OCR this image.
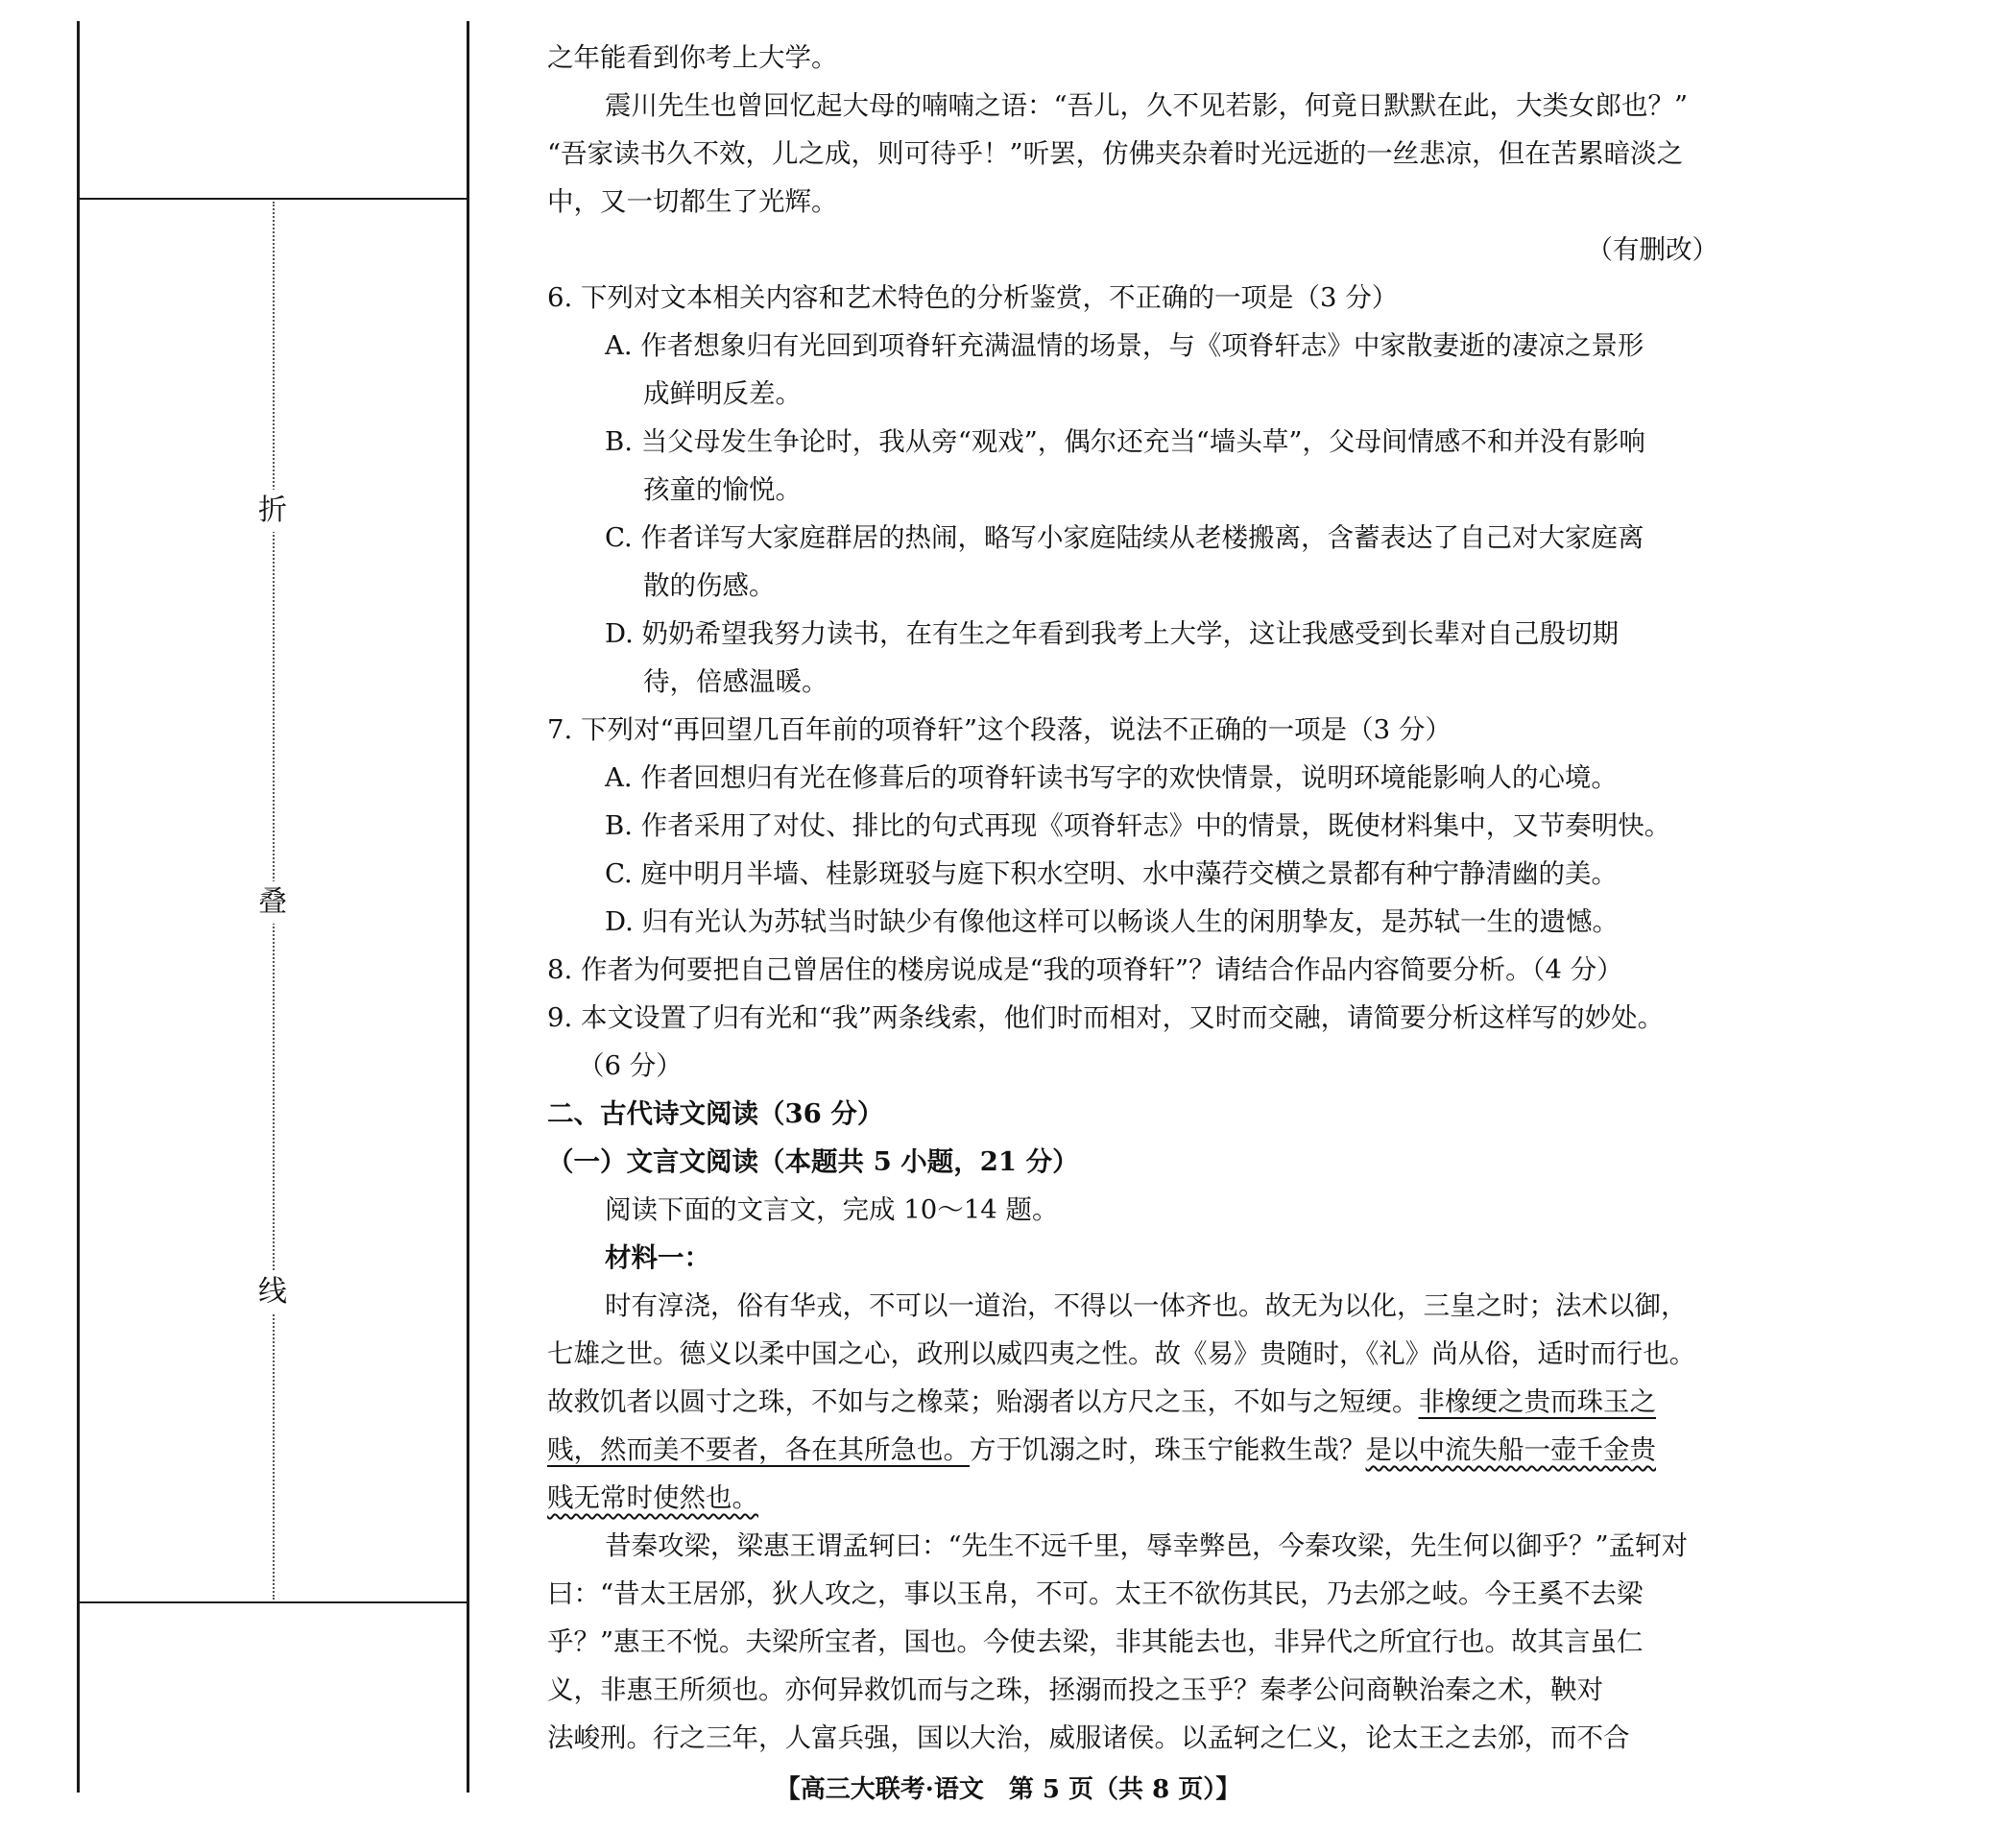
折
叠
线
之年能看到你考上大学。
震川先生也曾回忆起大母的喃喃之语：“吾儿，久不见若影，何竟日默默在此，大类女郎也？”
“吾家读书久不效，儿之成，则可待乎！”听罢，仿佛夹杂着时光远逝的一丝悲凉，但在苦累暗淡之
中，又一切都生了光辉。
（有删改）
6. 下列对文本相关内容和艺术特色的分析鉴赏，不正确的一项是（3 分）
A. 作者想象归有光回到项脊轩充满温情的场景，与《项脊轩志》中家散妻逝的凄凉之景形
成鲜明反差。
B. 当父母发生争论时，我从旁“观戏”，偶尔还充当“墙头草”，父母间情感不和并没有影响
孩童的愉悦。
C. 作者详写大家庭群居的热闹，略写小家庭陆续从老楼搬离，含蓄表达了自己对大家庭离
散的伤感。
D. 奶奶希望我努力读书，在有生之年看到我考上大学，这让我感受到长辈对自己殷切期
待，倍感温暖。
7. 下列对“再回望几百年前的项脊轩”这个段落，说法不正确的一项是（3 分）
A. 作者回想归有光在修葺后的项脊轩读书写字的欢快情景，说明环境能影响人的心境。
B. 作者采用了对仗、排比的句式再现《项脊轩志》中的情景，既使材料集中，又节奏明快。
C. 庭中明月半墙、桂影斑驳与庭下积水空明、水中藻荇交横之景都有种宁静清幽的美。
D. 归有光认为苏轼当时缺少有像他这样可以畅谈人生的闲朋挚友，是苏轼一生的遗憾。
8. 作者为何要把自己曾居住的楼房说成是“我的项脊轩”？请结合作品内容简要分析。（4 分）
9. 本文设置了归有光和“我”两条线索，他们时而相对，又时而交融，请简要分析这样写的妙处。
（6 分）
二、古代诗文阅读（36 分）
（一）文言文阅读（本题共 5 小题，21 分）
阅读下面的文言文，完成 10～14 题。
材料一：
时有淳浇，俗有华戎，不可以一道治，不得以一体齐也。故无为以化，三皇之时；法术以御，
七雄之世。德义以柔中国之心，政刑以威四夷之性。故《易》贵随时，《礼》尚从俗，适时而行也。
故救饥者以圆寸之珠，不如与之橡菜；贻溺者以方尺之玉，不如与之短绠。非橡绠之贵而珠玉之
贱，然而美不要者，各在其所急也。方于饥溺之时，珠玉宁能救生哉？是以中流失船一壶千金贵
贱无常时使然也。
昔秦攻梁，梁惠王谓孟轲曰：“先生不远千里，辱幸弊邑，今秦攻梁，先生何以御乎？”孟轲对
曰：“昔太王居邠，狄人攻之，事以玉帛，不可。太王不欲伤其民，乃去邠之岐。今王奚不去梁
乎？”惠王不悦。夫梁所宝者，国也。今使去梁，非其能去也，非异代之所宜行也。故其言虽仁
义，非惠王所须也。亦何异救饥而与之珠，拯溺而投之玉乎？秦孝公问商鞅治秦之术，鞅对
法峻刑。行之三年，人富兵强，国以大治，威服诸侯。以孟轲之仁义，论太王之去邠，而不合
【高三大联考·语文　第 5 页（共 8 页）】
